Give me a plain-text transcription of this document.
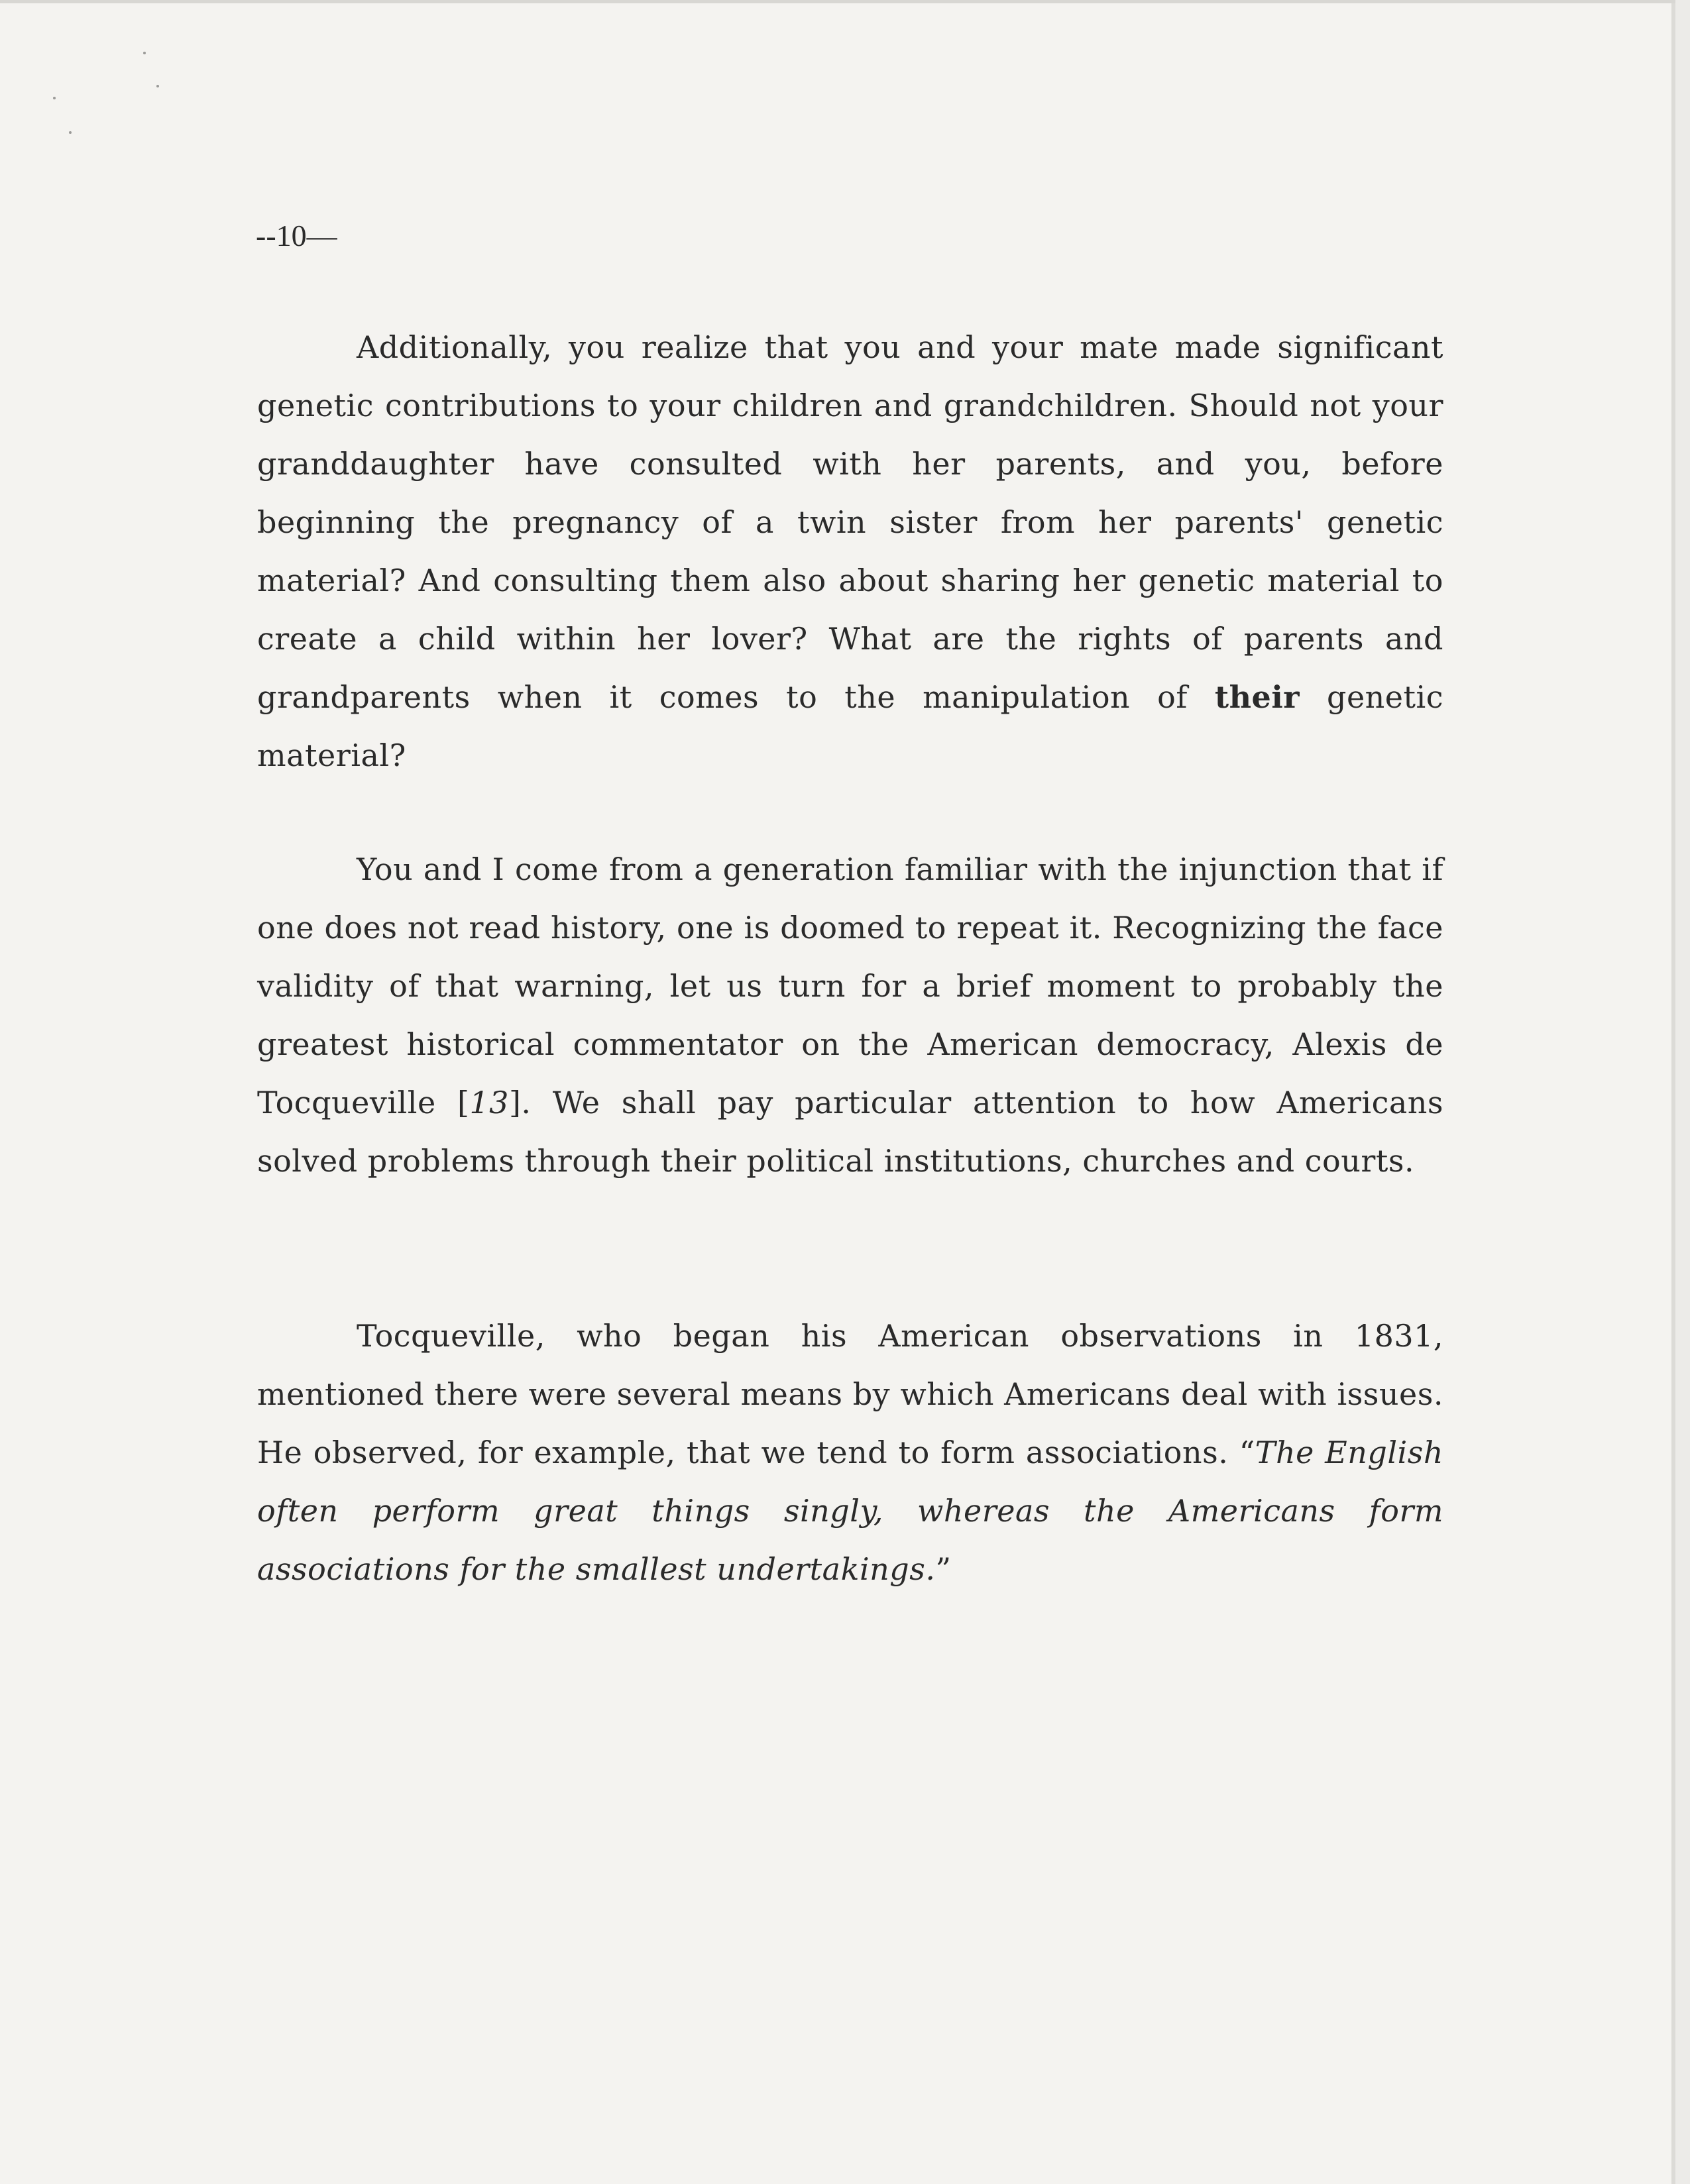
--10—

Additionally, you realize that you and your mate made significant genetic contributions to your children and grandchildren. Should not your granddaughter have consulted with her parents, and you, before beginning the pregnancy of a twin sister from her parents' genetic material? And consulting them also about sharing her genetic material to create a child within her lover? What are the rights of parents and grandparents when it comes to the manipulation of their genetic material?

You and I come from a generation familiar with the injunction that if one does not read history, one is doomed to repeat it. Recognizing the face validity of that warning, let us turn for a brief moment to probably the greatest historical commentator on the American democracy, Alexis de Tocqueville [13]. We shall pay particular attention to how Americans solved problems through their political institutions, churches and courts.

Tocqueville, who began his American observations in 1831, mentioned there were several means by which Americans deal with issues. He observed, for example, that we tend to form associations. “The English often perform great things singly, whereas the Americans form associations for the smallest undertakings.”
